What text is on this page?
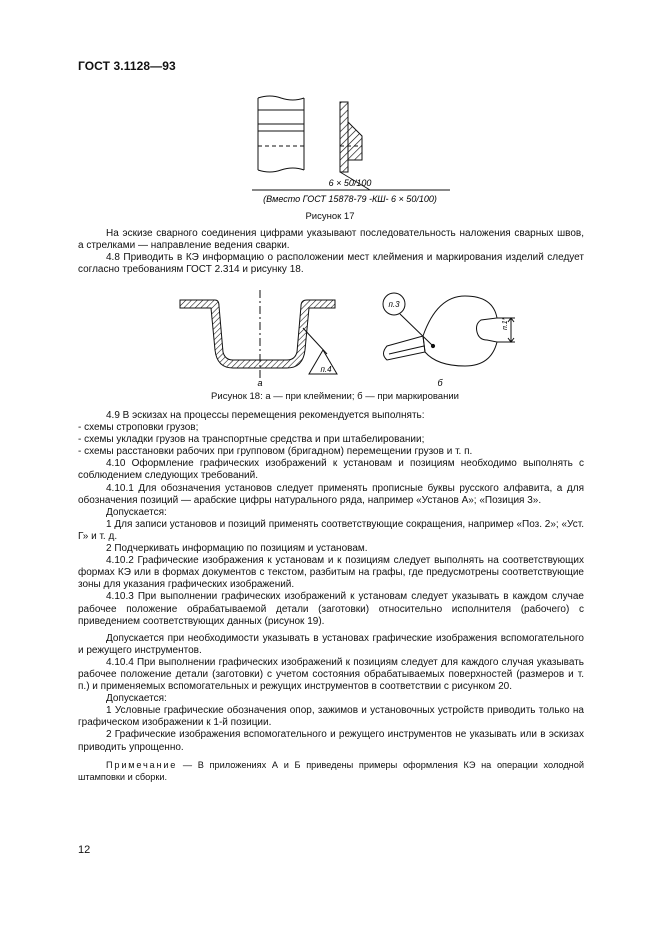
ГОСТ 3.1128—93
6 × 50/100
(Вместо ГОСТ 15878-79 -КШ- 6 × 50/100)
Рисунок 17

На эскизе сварного соединения цифрами указывают последовательность наложения сварных швов, а стрелками — направление ведения сварки.

4.8 Приводить в КЭ информацию о расположении мест клеймения и маркирования изделий следует согласно требованиям ГОСТ 2.314 и рисунку 18.

п.4
п.3
п.1*
а	б
Рисунок 18: а — при клеймении; б — при маркировании

4.9 В эскизах на процессы перемещения рекомендуется выполнять:

- схемы строповки грузов;

- схемы укладки грузов на транспортные средства и при штабелировании;

- схемы расстановки рабочих при групповом (бригадном) перемещении грузов и т. п.

4.10 Оформление графических изображений к установам и позициям необходимо выполнять с соблюдением следующих требований.

4.10.1 Для обозначения установов следует применять прописные буквы русского алфавита, а для обозначения позиций — арабские цифры натурального ряда, например «Установ А»; «Позиция 3».

Допускается:

1 Для записи установов и позиций применять соответствующие сокращения, например «Поз. 2»; «Уст. Г» и т. д.

2 Подчеркивать информацию по позициям и установам.

4.10.2 Графические изображения к установам и к позициям следует выполнять на соответствующих формах КЭ или в формах документов с текстом, разбитым на графы, где предусмотрены соответствующие зоны для указания графических изображений.

4.10.3 При выполнении графических изображений к установам следует указывать в каждом случае рабочее положение обрабатываемой детали (заготовки) относительно исполнителя (рабочего) с приведением соответствующих данных (рисунок 19).

Допускается при необходимости указывать в установах графические изображения вспомогательного и режущего инструментов.

4.10.4 При выполнении графических изображений к позициям следует для каждого случая указывать рабочее положение детали (заготовки) с учетом состояния обрабатываемых поверхностей (размеров и т. п.) и применяемых вспомогательных и режущих инструментов в соответствии с рисунком 20.

Допускается:

1 Условные графические обозначения опор, зажимов и установочных устройств приводить только на графическом изображении к 1-й позиции.

2 Графические изображения вспомогательного и режущего инструментов не указывать или в эскизах приводить упрощенно.

Примечание — В приложениях А и Б приведены примеры оформления КЭ на операции холодной штамповки и сборки.

12
